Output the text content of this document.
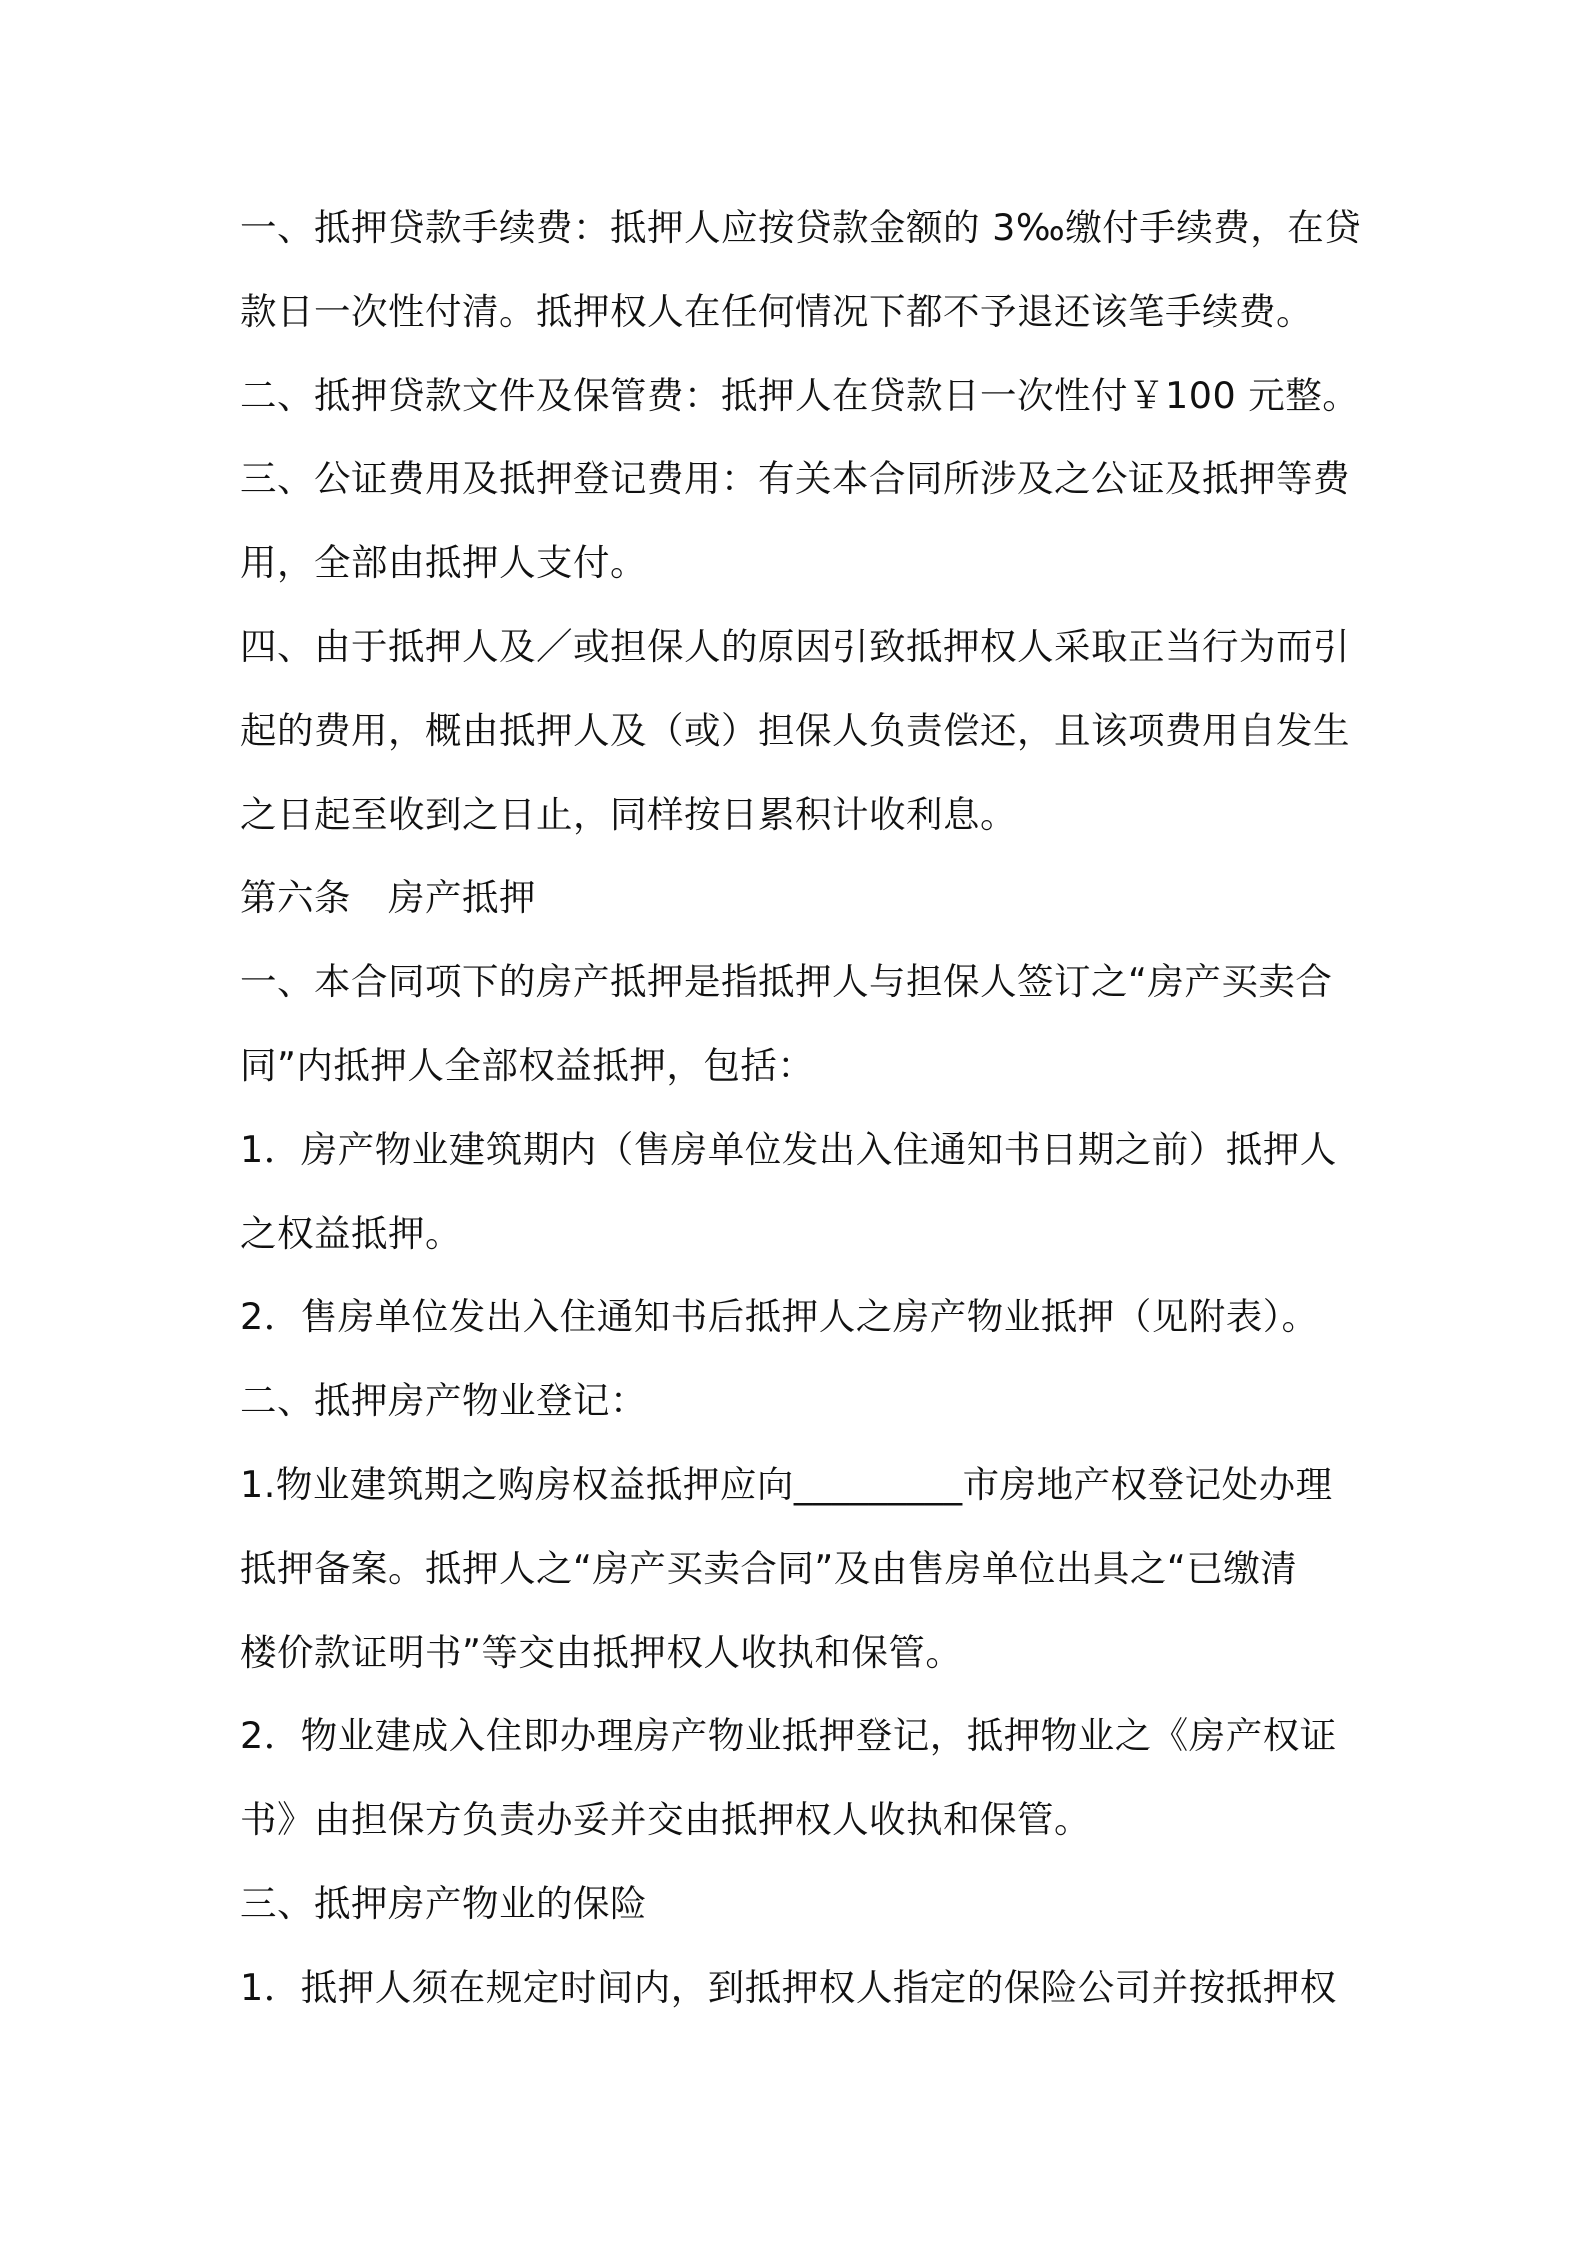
一、抵押贷款手续费：抵押人应按贷款金额的 3‰缴付手续费，在贷
款日一次性付清。抵押权人在任何情况下都不予退还该笔手续费。
二、抵押贷款文件及保管费：抵押人在贷款日一次性付￥100 元整。
三、公证费用及抵押登记费用：有关本合同所涉及之公证及抵押等费
用，全部由抵押人支付。
四、由于抵押人及／或担保人的原因引致抵押权人采取正当行为而引
起的费用，概由抵押人及（或）担保人负责偿还，且该项费用自发生
之日起至收到之日止，同样按日累积计收利息。
第六条　房产抵押
一、本合同项下的房产抵押是指抵押人与担保人签订之“房产买卖合
同”内抵押人全部权益抵押，包括：
1．房产物业建筑期内（售房单位发出入住通知书日期之前）抵押人
之权益抵押。
2．售房单位发出入住通知书后抵押人之房产物业抵押（见附表）。
二、抵押房产物业登记：
1.物业建筑期之购房权益抵押应向_________市房地产权登记处办理
抵押备案。抵押人之“房产买卖合同”及由售房单位出具之“已缴清
楼价款证明书”等交由抵押权人收执和保管。
2．物业建成入住即办理房产物业抵押登记，抵押物业之《房产权证
书》由担保方负责办妥并交由抵押权人收执和保管。
三、抵押房产物业的保险
1．抵押人须在规定时间内，到抵押权人指定的保险公司并按抵押权
